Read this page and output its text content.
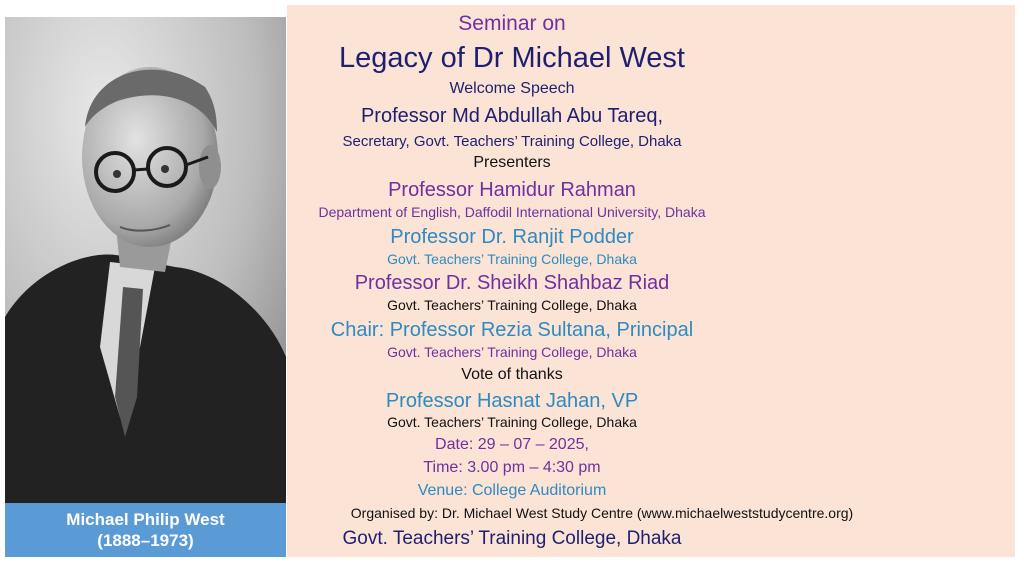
Michael Philip West
(1888–1973)
Seminar on
Legacy of Dr Michael West
Welcome Speech
Professor Md Abdullah Abu Tareq,
Secretary, Govt. Teachers’ Training College, Dhaka
Presenters
Professor Hamidur Rahman
Department of English, Daffodil International University, Dhaka
Professor Dr. Ranjit Podder
Govt. Teachers’ Training College, Dhaka
Professor Dr. Sheikh Shahbaz Riad
Govt. Teachers’ Training College, Dhaka
Chair: Professor Rezia Sultana, Principal
Govt. Teachers’ Training College, Dhaka
Vote of thanks
Professor Hasnat Jahan, VP
Govt. Teachers’ Training College, Dhaka
Date: 29 – 07 – 2025,
Time: 3.00 pm – 4:30 pm
Venue: College Auditorium
Organised by: Dr. Michael West Study Centre (www.michaelweststudycentre.org)
Govt. Teachers’ Training College, Dhaka
